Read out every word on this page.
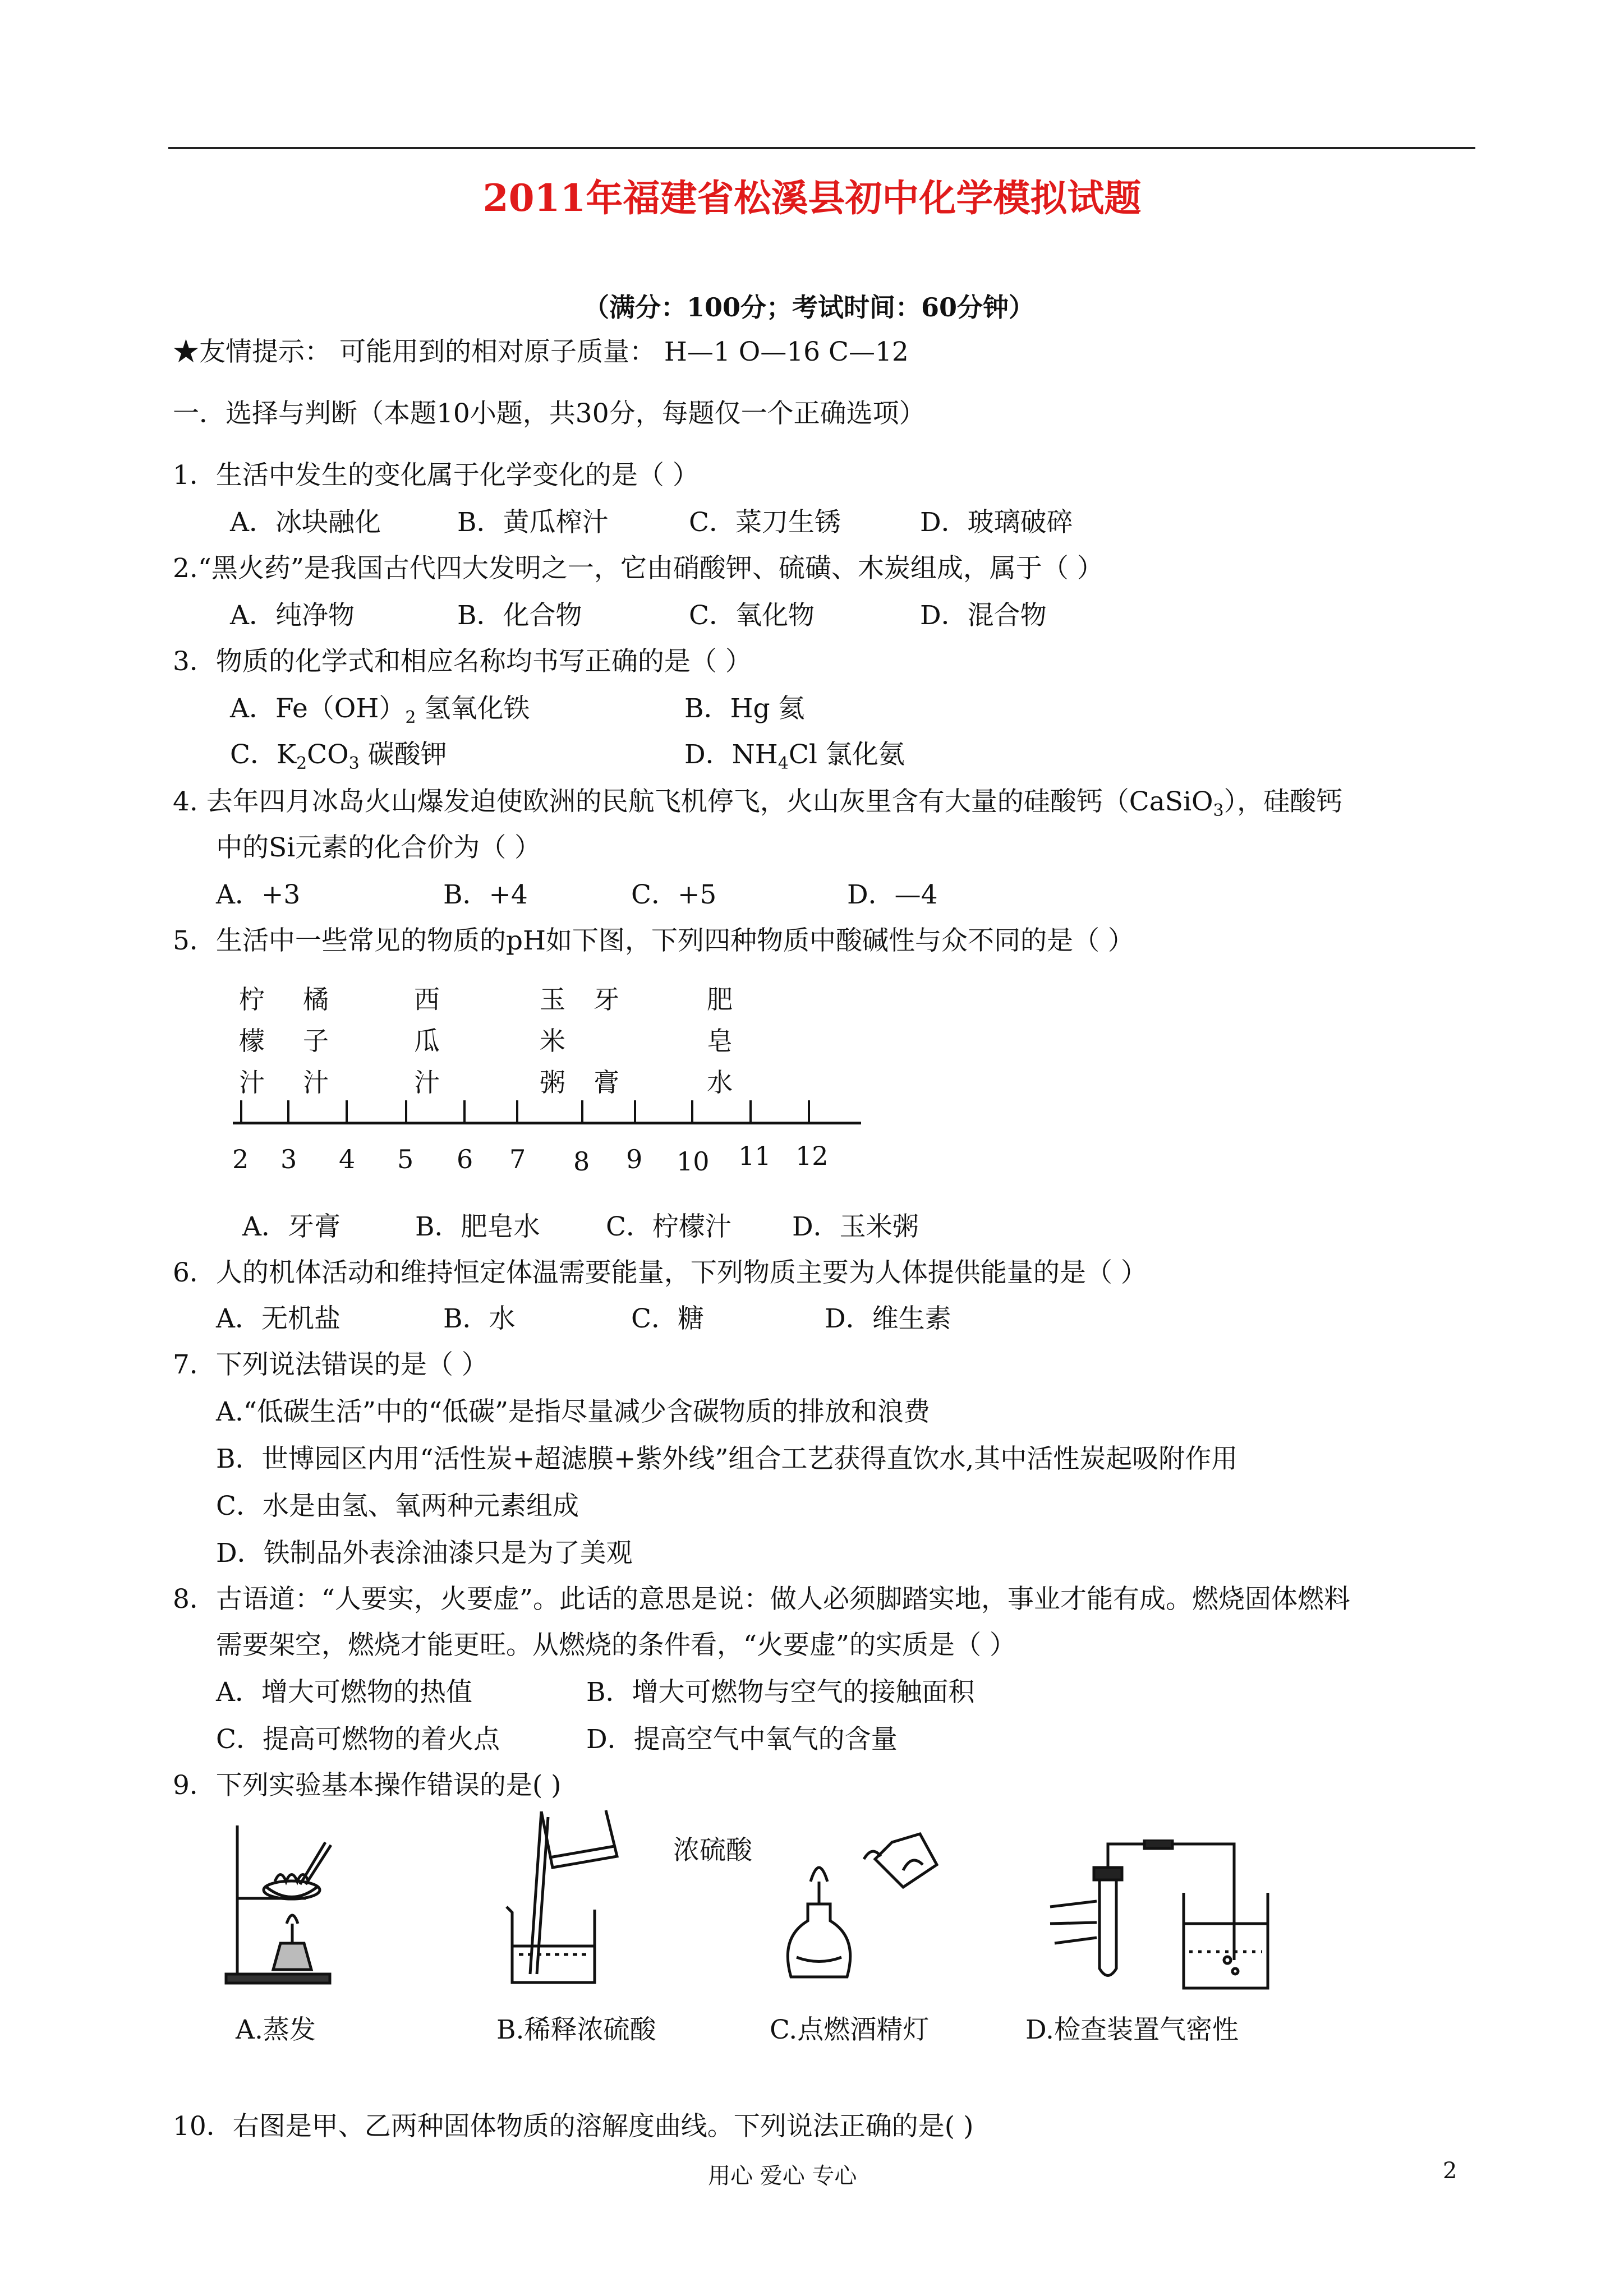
2011年福建省松溪县初中化学模拟试题
（满分：100分；考试时间：60分钟）
★友情提示： 可能用到的相对原子质量： H—1 O—16 C—12
一．选择与判断（本题10小题，共30分，每题仅一个正确选项）
1．生活中发生的变化属于化学变化的是（ ）
A．冰块融化	B．黄瓜榨汁	C．菜刀生锈	D．玻璃破碎
2.“黑火药”是我国古代四大发明之一，它由硝酸钾、硫磺、木炭组成，属于（ ）
A．纯净物	B．化合物	C．氧化物	D．混合物
3．物质的化学式和相应名称均书写正确的是（ ）
A．$Fe(OH)_2$ 氢氧化铁	B．Hg 氦
C．$K_2CO_3$ 碳酸钾	D．$NH_4Cl$ 氯化氨
4. 去年四月冰岛火山爆发迫使欧洲的民航飞机停飞，火山灰里含有大量的硅酸钙（CaSiO$_3$），硅酸钙
中的Si元素的化合价为（ ）
A．+3	B．+4	C．+5	D．—4
5．生活中一些常见的物质的pH如下图，下列四种物质中酸碱性与众不同的是（ ）
柠
檬
汁
橘
子
汁
西
瓜
汁
玉
米
粥
牙
膏
肥
皂
水
2 3 4 5 6 7 8 9 10 11 12
A．牙膏	B．肥皂水 C．柠檬汁 D．玉米粥
6．人的机体活动和维持恒定体温需要能量，下列物质主要为人体提供能量的是（ ）
A．无机盐	B．水	C．糖	D．维生素
7．下列说法错误的是（ ）
A.“低碳生活”中的“低碳”是指尽量减少含碳物质的排放和浪费
B．世博园区内用“活性炭+超滤膜+紫外线”组合工艺获得直饮水,其中活性炭起吸附作用
C．水是由氢、氧两种元素组成
D．铁制品外表涂油漆只是为了美观
8．古语道：“人要实，火要虚”。此话的意思是说：做人必须脚踏实地，事业才能有成。燃烧固体燃料
需要架空，燃烧才能更旺。从燃烧的条件看，“火要虚”的实质是（ ）
A．增大可燃物的热值	B．增大可燃物与空气的接触面积
C．提高可燃物的着火点	D．提高空气中氧气的含量
9．下列实验基本操作错误的是( )
浓硫酸
A.蒸发	B.稀释浓硫酸	C.点燃酒精灯	D.检查装置气密性
10．右图是甲、乙两种固体物质的溶解度曲线。下列说法正确的是( )
用心 爱心 专心	2
